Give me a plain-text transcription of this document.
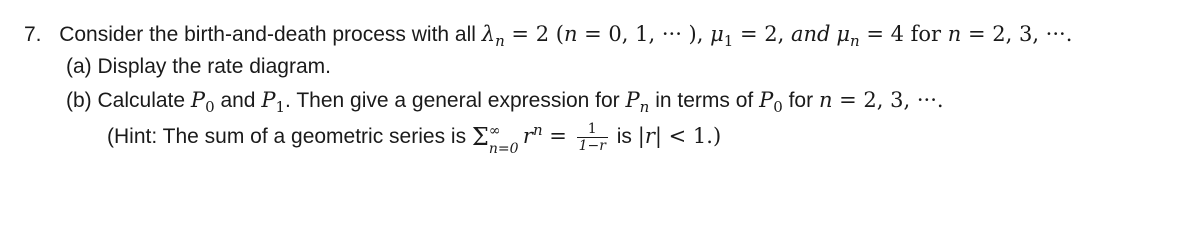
7. Consider the birth-and-death process with all $\lambda_n = 2$ (n = 0, 1, ··· ), $\mu_1 = 2$, and $\mu_n = 4$ for n = 2, 3, ···.
(a) Display the rate diagram.
(b) Calculate $P_0$ and $P_1$. Then give a general expression for $P_n$ in terms of $P_0$ for n = 2, 3, ···.
(Hint: The sum of a geometric series is Σ ∞
n=0
$r^n = \frac{1}{1-r}$ is |r| < 1.)
